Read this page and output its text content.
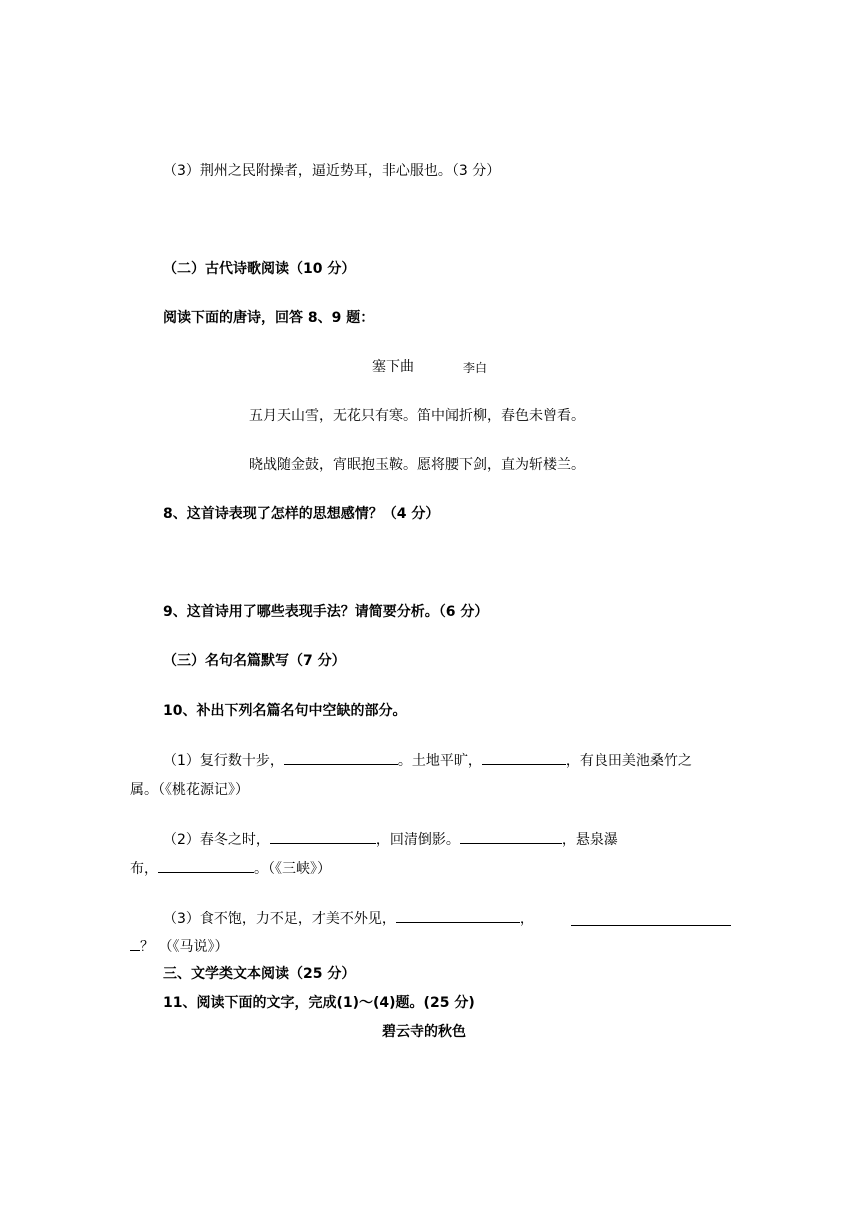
（3）荆州之民附操者，逼近势耳，非心服也。（3 分）
（二）古代诗歌阅读（10 分）
阅读下面的唐诗，回答 8、9 题：
塞下曲	李白
五月天山雪，无花只有寒。笛中闻折柳，春色未曾看。
晓战随金鼓，宵眠抱玉鞍。愿将腰下剑，直为斩楼兰。
8、这首诗表现了怎样的思想感情？（4 分）
9、这首诗用了哪些表现手法？请简要分析。（6 分）
（三）名句名篇默写（7 分）
10、补出下列名篇名句中空缺的部分。
（1）复行数十步，	。土地平旷，	，有良田美池桑竹之
属。（《桃花源记》）
（2）春冬之时，	，回清倒影。	，悬泉瀑
布，	。（《三峡》）
（3）食不饱，力不足，才美不外见，	，
？ （《马说》）
三、文学类文本阅读（25 分）
11、阅读下面的文字，完成(1)～(4)题。(25 分)
碧云寺的秋色
